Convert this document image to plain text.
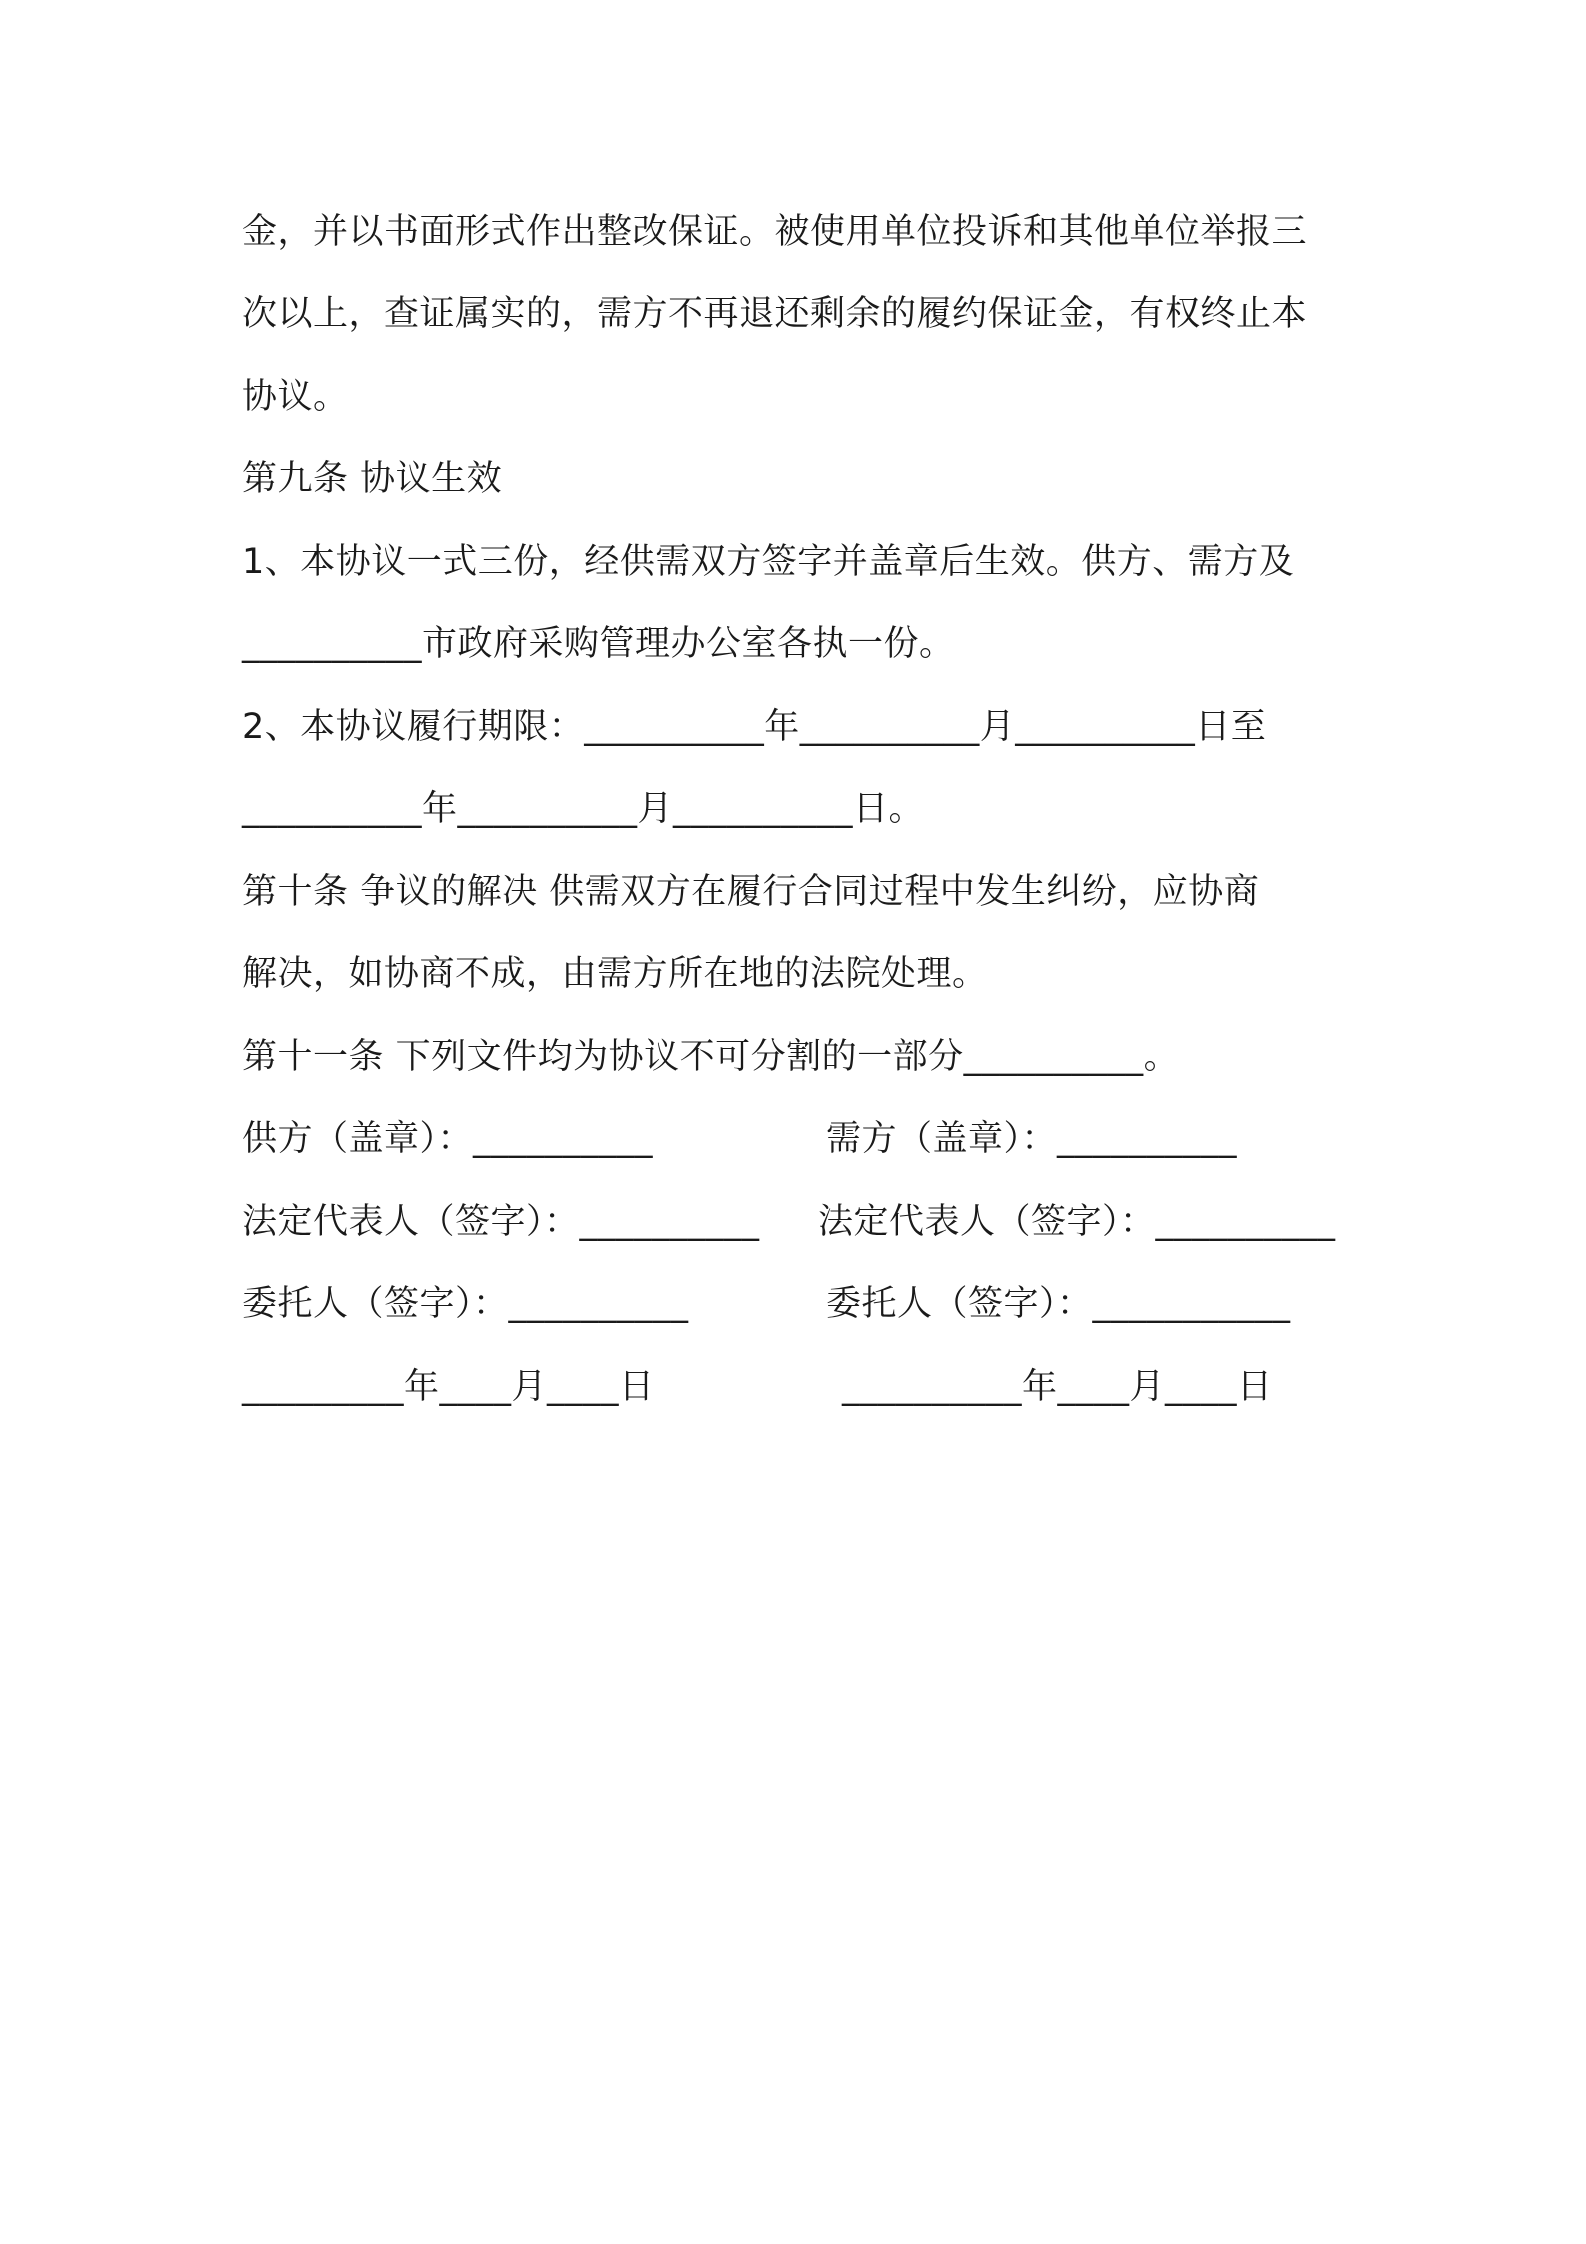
金，并以书面形式作出整改保证。被使用单位投诉和其他单位举报三
次以上，查证属实的，需方不再退还剩余的履约保证金，有权终止本
协议。
第九条 协议生效
1、本协议一式三份，经供需双方签字并盖章后生效。供方、需方及
__________市政府采购管理办公室各执一份。
2、本协议履行期限：__________年__________月__________日至
__________年__________月__________日。
第十条 争议的解决 供需双方在履行合同过程中发生纠纷，应协商
解决，如协商不成，由需方所在地的法院处理。
第十一条 下列文件均为协议不可分割的一部分__________。
供方（盖章）：__________	需方（盖章）：__________
法定代表人（签字）：__________ 法定代表人（签字）：__________
委托人（签字）：__________	委托人（签字）：___________
_________年____月____日	__________年____月____日
